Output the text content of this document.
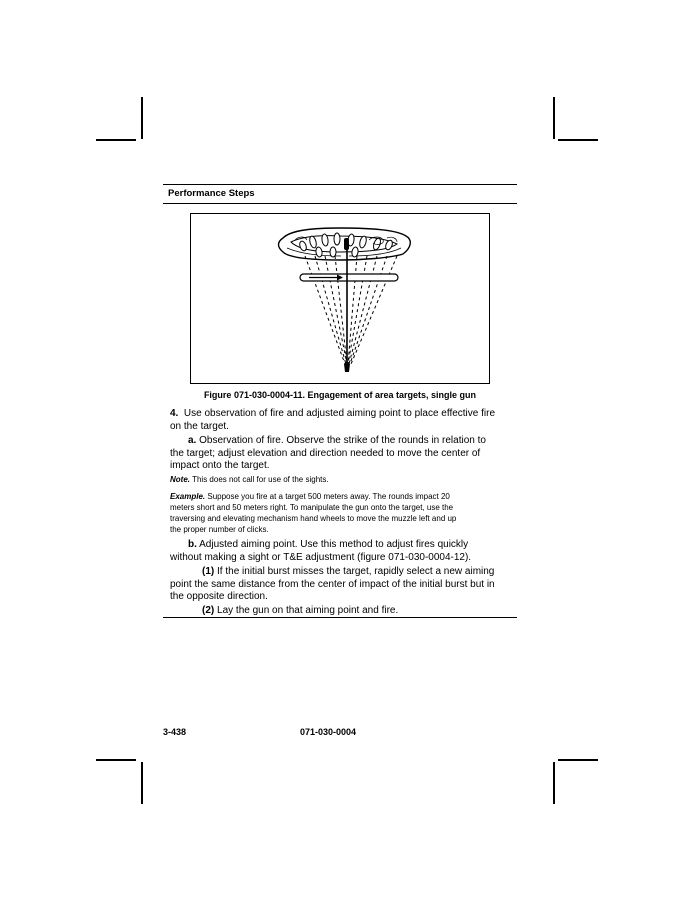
Performance Steps
Figure 071-030-0004-11. Engagement of area targets, single gun
4. Use observation of fire and adjusted aiming point to place effective fire
on the target.
a. Observation of fire. Observe the strike of the rounds in relation to
the target; adjust elevation and direction needed to move the center of
impact onto the target.
Note. This does not call for use of the sights.
Example. Suppose you fire at a target 500 meters away. The rounds impact 20
meters short and 50 meters right. To manipulate the gun onto the target, use the
traversing and elevating mechanism hand wheels to move the muzzle left and up
the proper number of clicks.
b. Adjusted aiming point. Use this method to adjust fires quickly
without making a sight or T&E adjustment (figure 071-030-0004-12).
(1) If the initial burst misses the target, rapidly select a new aiming
point the same distance from the center of impact of the initial burst but in
the opposite direction.
(2) Lay the gun on that aiming point and fire.
3-438	071-030-0004
